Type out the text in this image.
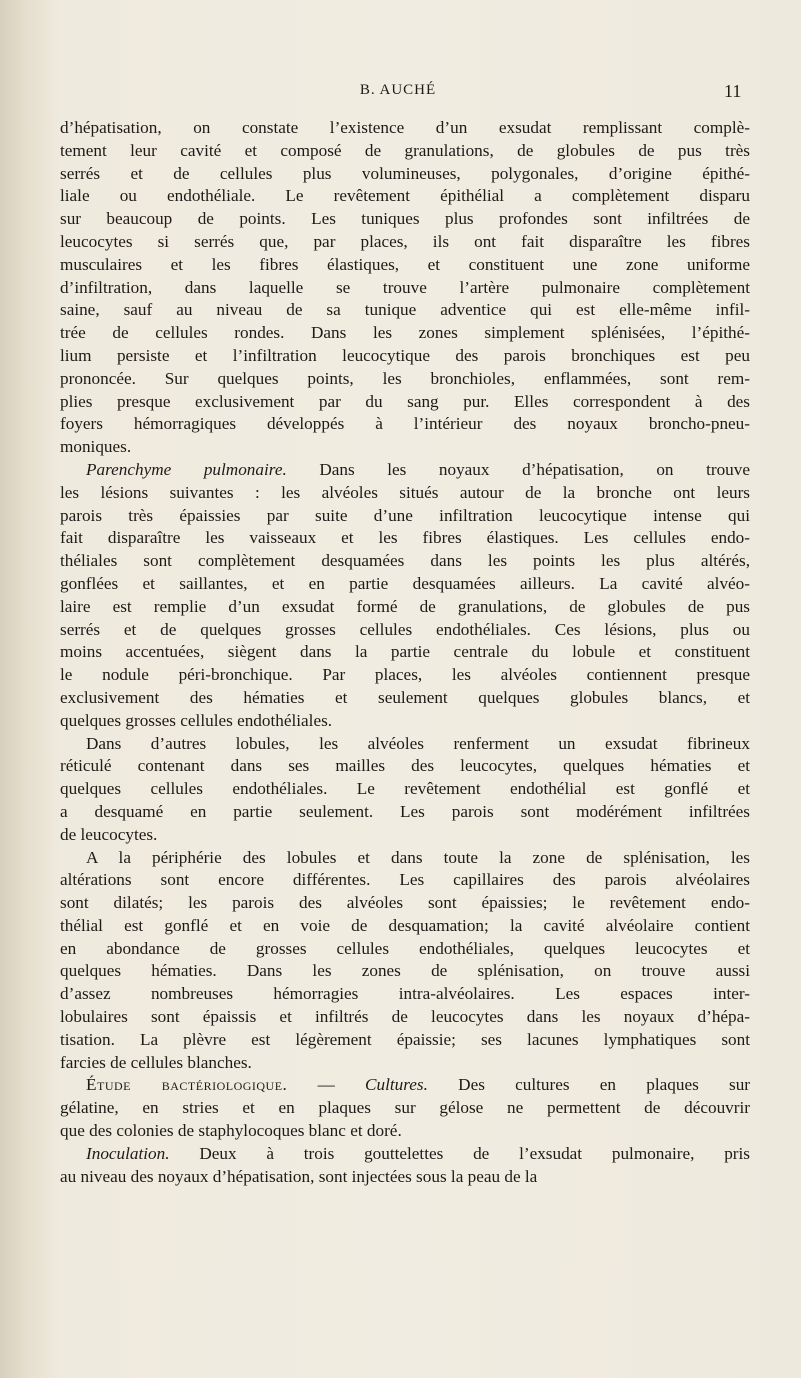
B. AUCHÉ	11
d’hépatisation, on constate l’existence d’un exsudat remplissant complè-
tement leur cavité et composé de granulations, de globules de pus très
serrés et de cellules plus volumineuses, polygonales, d’origine épithé-
liale ou endothéliale. Le revêtement épithélial a complètement disparu
sur beaucoup de points. Les tuniques plus profondes sont infiltrées de
leucocytes si serrés que, par places, ils ont fait disparaître les fibres
musculaires et les fibres élastiques, et constituent une zone uniforme
d’infiltration, dans laquelle se trouve l’artère pulmonaire complètement
saine, sauf au niveau de sa tunique adventice qui est elle-même infil-
trée de cellules rondes. Dans les zones simplement splénisées, l’épithé-
lium persiste et l’infiltration leucocytique des parois bronchiques est peu
prononcée. Sur quelques points, les bronchioles, enflammées, sont rem-
plies presque exclusivement par du sang pur. Elles correspondent à des
foyers hémorragiques développés à l’intérieur des noyaux broncho-pneu-
moniques.
Parenchyme pulmonaire. Dans les noyaux d’hépatisation, on trouve
les lésions suivantes : les alvéoles situés autour de la bronche ont leurs
parois très épaissies par suite d’une infiltration leucocytique intense qui
fait disparaître les vaisseaux et les fibres élastiques. Les cellules endo-
théliales sont complètement desquamées dans les points les plus altérés,
gonflées et saillantes, et en partie desquamées ailleurs. La cavité alvéo-
laire est remplie d’un exsudat formé de granulations, de globules de pus
serrés et de quelques grosses cellules endothéliales. Ces lésions, plus ou
moins accentuées, siègent dans la partie centrale du lobule et constituent
le nodule péri-bronchique. Par places, les alvéoles contiennent presque
exclusivement des hématies et seulement quelques globules blancs, et
quelques grosses cellules endothéliales.
Dans d’autres lobules, les alvéoles renferment un exsudat fibrineux
réticulé contenant dans ses mailles des leucocytes, quelques hématies et
quelques cellules endothéliales. Le revêtement endothélial est gonflé et
a desquamé en partie seulement. Les parois sont modérément infiltrées
de leucocytes.
A la périphérie des lobules et dans toute la zone de splénisation, les
altérations sont encore différentes. Les capillaires des parois alvéolaires
sont dilatés; les parois des alvéoles sont épaissies; le revêtement endo-
thélial est gonflé et en voie de desquamation; la cavité alvéolaire contient
en abondance de grosses cellules endothéliales, quelques leucocytes et
quelques hématies. Dans les zones de splénisation, on trouve aussi
d’assez nombreuses hémorragies intra-alvéolaires. Les espaces inter-
lobulaires sont épaissis et infiltrés de leucocytes dans les noyaux d’hépa-
tisation. La plèvre est légèrement épaissie; ses lacunes lymphatiques sont
farcies de cellules blanches.
Étude bactériologique. — Cultures. Des cultures en plaques sur
gélatine, en stries et en plaques sur gélose ne permettent de découvrir
que des colonies de staphylocoques blanc et doré.
Inoculation. Deux à trois gouttelettes de l’exsudat pulmonaire, pris
au niveau des noyaux d’hépatisation, sont injectées sous la peau de la
